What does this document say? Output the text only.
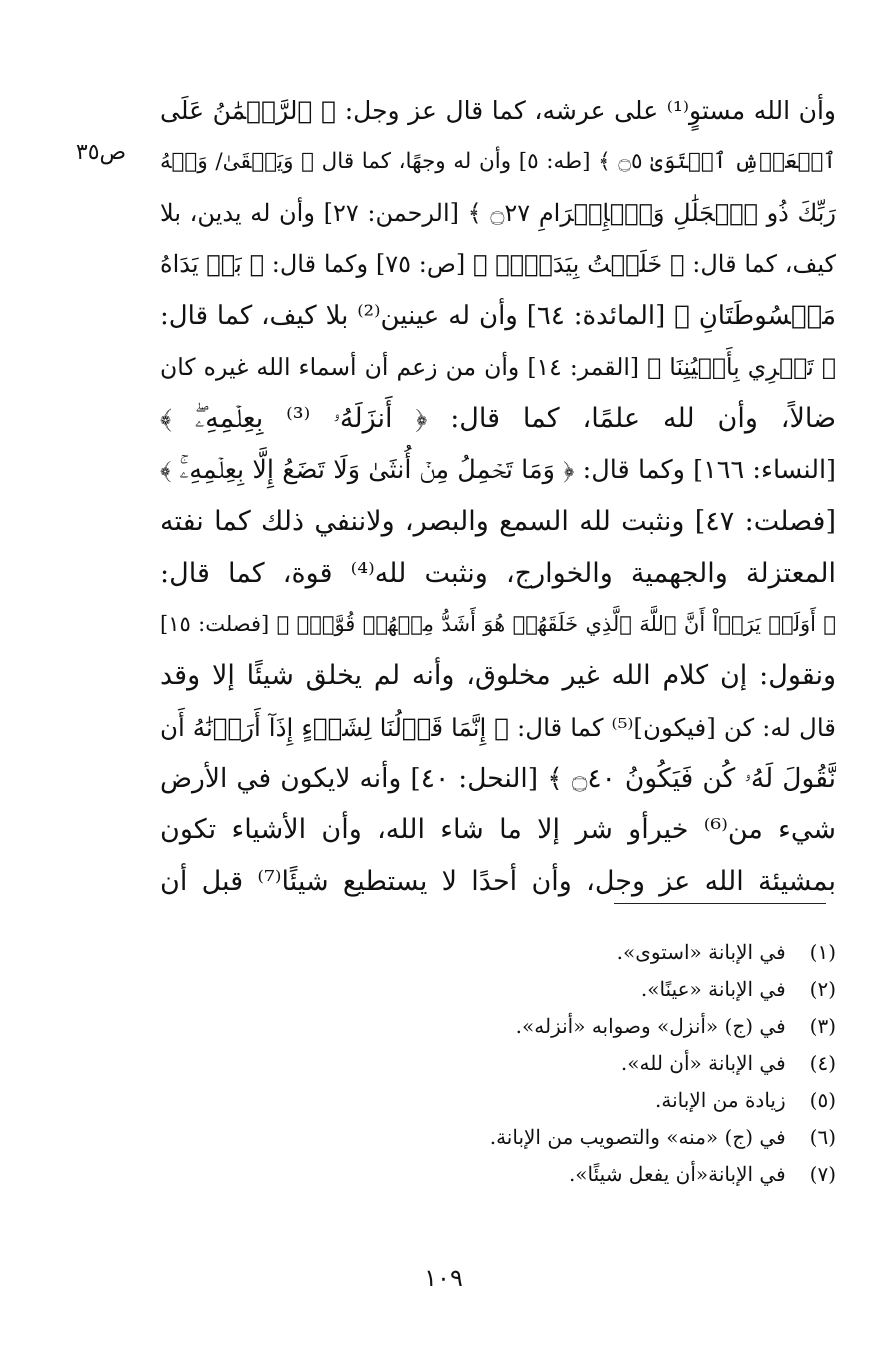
ص٣٥
وأن الله مستوٍ⁽¹⁾ على عرشه، كما قال عز وجل: ﴿ ٱلرَّحۡمَٰنُ عَلَى
ٱلۡعَرۡشِ ٱسۡتَوَىٰ ۝٥ ﴾ [طه: ٥] وأن له وجهًا، كما قال ﴿ وَيَبۡقَىٰ/ وَجۡهُ
رَبِّكَ ذُو ٱلۡجَلَٰلِ وَٱلۡإِكۡرَامِ ۝٢٧ ﴾ [الرحمن: ٢٧] وأن له يدين، بلا
كيف، كما قال: ﴿ خَلَقۡتُ بِيَدَيَّۖ ﴾ [ص: ٧٥] وكما قال: ﴿ بَلۡ يَدَاهُ
مَبۡسُوطَتَانِ ﴾ [المائدة: ٦٤] وأن له عينين⁽²⁾ بلا كيف، كما قال:
﴿ تَجۡرِي بِأَعۡيُنِنَا ﴾ [القمر: ١٤] وأن من زعم أن أسماء الله غيره كان
ضالاً، وأن لله علمًا، كما قال: ﴿ أَنزَلَهُۥ ⁽³⁾ بِعِلۡمِهِۦۖ ﴾
[النساء: ١٦٦] وكما قال: ﴿ وَمَا تَحۡمِلُ مِنۡ أُنثَىٰ وَلَا تَضَعُ إِلَّا بِعِلۡمِهِۦۚ ﴾
[فصلت: ٤٧] ونثبت لله السمع والبصر، ولاننفي ذلك كما نفته
المعتزلة والجهمية والخوارج، ونثبت لله⁽⁴⁾ قوة، كما قال:
﴿ أَوَلَمۡ يَرَوۡاْ أَنَّ ٱللَّهَ ٱلَّذِي خَلَقَهُمۡ هُوَ أَشَدُّ مِنۡهُمۡ قُوَّةٗۖ ﴾ [فصلت: ١٥]
ونقول: إن كلام الله غير مخلوق، وأنه لم يخلق شيئًا إلا وقد
قال له: كن [فيكون]⁽⁵⁾ كما قال: ﴿ إِنَّمَا قَوۡلُنَا لِشَيۡءٍ إِذَآ أَرَدۡنَٰهُ أَن
نَّقُولَ لَهُۥ كُن فَيَكُونُ ۝٤٠ ﴾ [النحل: ٤٠] وأنه لايكون في الأرض
شيء من⁽⁶⁾ خيرأو شر إلا ما شاء الله، وأن الأشياء تكون
بمشيئة الله عز وجل، وأن أحدًا لا يستطيع شيئًا⁽⁷⁾ قبل أن
(١) في الإبانة «استوى».
(٢) في الإبانة «عينًا».
(٣) في (ج) «أنزل» وصوابه «أنزله».
(٤) في الإبانة «أن لله».
(٥) زيادة من الإبانة.
(٦) في (ج) «منه» والتصويب من الإبانة.
(٧) في الإبانة«أن يفعل شيئًا».
١٠٩
